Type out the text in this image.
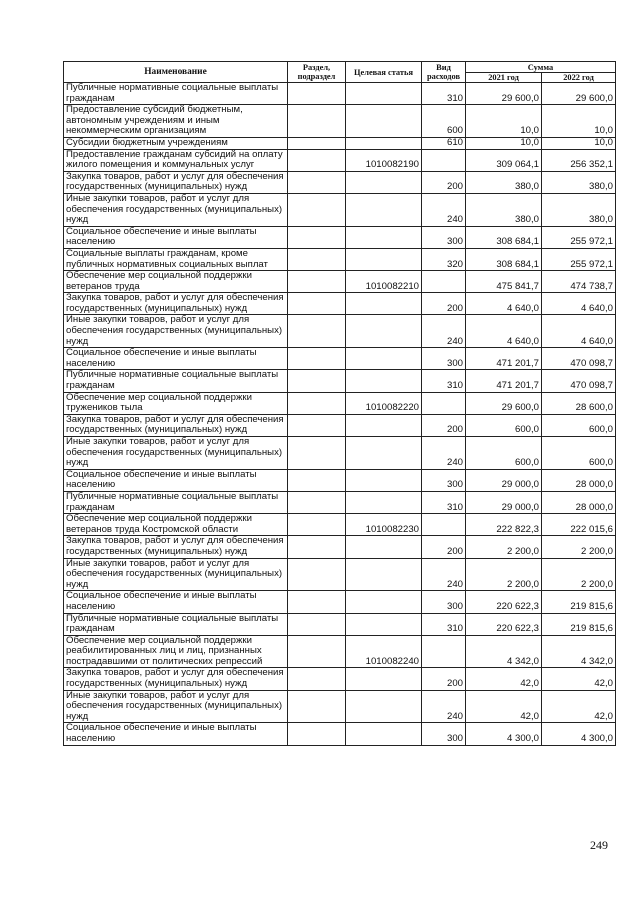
Наименование	Раздел, подраздел	Целевая статья	Вид расходов	Сумма	
				2021 год	2022 год
Публичные нормативные социальные выплаты гражданам			310	29 600,0	29 600,0
Предоставление субсидий бюджетным, автономным учреждениям и иным некоммерческим организациям			600	10,0	10,0
Субсидии бюджетным учреждениям			610	10,0	10,0
Предоставление гражданам субсидий на оплату жилого помещения и коммунальных услуг		1010082190		309 064,1	256 352,1
Закупка товаров, работ и услуг для обеспечения государственных (муниципальных) нужд			200	380,0	380,0
Иные закупки товаров, работ и услуг для обеспечения государственных (муниципальных) нужд			240	380,0	380,0
Социальное обеспечение и иные выплаты населению			300	308 684,1	255 972,1
Социальные выплаты гражданам, кроме публичных нормативных социальных выплат			320	308 684,1	255 972,1
Обеспечение мер социальной поддержки ветеранов труда		1010082210		475 841,7	474 738,7
Закупка товаров, работ и услуг для обеспечения государственных (муниципальных) нужд			200	4 640,0	4 640,0
Иные закупки товаров, работ и услуг для обеспечения государственных (муниципальных) нужд			240	4 640,0	4 640,0
Социальное обеспечение и иные выплаты населению			300	471 201,7	470 098,7
Публичные нормативные социальные выплаты гражданам			310	471 201,7	470 098,7
Обеспечение мер социальной поддержки тружеников тыла		1010082220		29 600,0	28 600,0
Закупка товаров, работ и услуг для обеспечения государственных (муниципальных) нужд			200	600,0	600,0
Иные закупки товаров, работ и услуг для обеспечения государственных (муниципальных) нужд			240	600,0	600,0
Социальное обеспечение и иные выплаты населению			300	29 000,0	28 000,0
Публичные нормативные социальные выплаты гражданам			310	29 000,0	28 000,0
Обеспечение мер социальной поддержки ветеранов труда Костромской области		1010082230		222 822,3	222 015,6
Закупка товаров, работ и услуг для обеспечения государственных (муниципальных) нужд			200	2 200,0	2 200,0
Иные закупки товаров, работ и услуг для обеспечения государственных (муниципальных) нужд			240	2 200,0	2 200,0
Социальное обеспечение и иные выплаты населению			300	220 622,3	219 815,6
Публичные нормативные социальные выплаты гражданам			310	220 622,3	219 815,6
Обеспечение мер социальной поддержки реабилитированных лиц и лиц, признанных пострадавшими от политических репрессий		1010082240		4 342,0	4 342,0
Закупка товаров, работ и услуг для обеспечения государственных (муниципальных) нужд			200	42,0	42,0
Иные закупки товаров, работ и услуг для обеспечения государственных (муниципальных) нужд			240	42,0	42,0
Социальное обеспечение и иные выплаты населению			300	4 300,0	4 300,0
249
